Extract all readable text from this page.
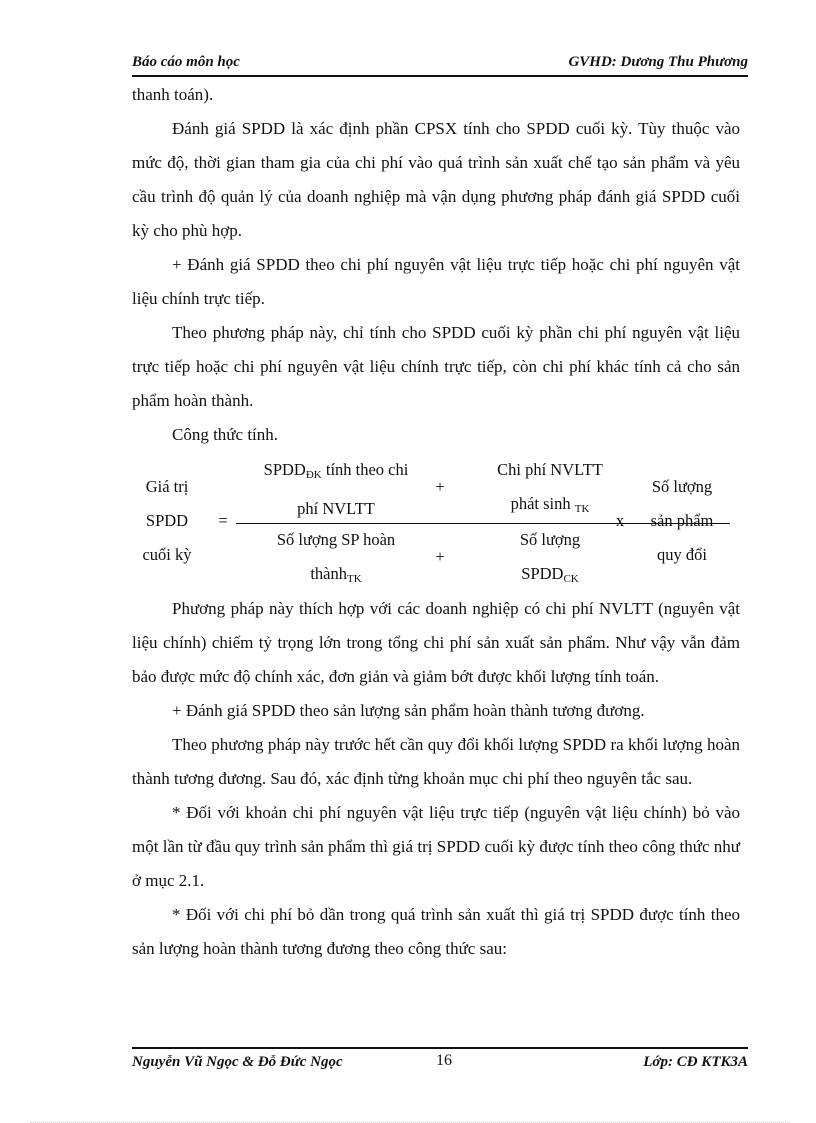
Báo cáo môn học	GVHD: Dương Thu Phương

thanh toán).

Đánh giá SPDD là xác định phần CPSX tính cho SPDD cuối kỳ. Tùy thuộc vào mức độ, thời gian tham gia của chi phí vào quá trình sản xuất chế tạo sản phẩm và yêu cầu trình độ quản lý của doanh nghiệp mà vận dụng phương pháp đánh giá SPDD cuối kỳ cho phù hợp.

+ Đánh giá SPDD theo chi phí nguyên vật liệu trực tiếp hoặc chi phí nguyên vật liệu chính trực tiếp.

Theo phương pháp này, chỉ tính cho SPDD cuối kỳ phần chi phí nguyên vật liệu trực tiếp hoặc chi phí nguyên vật liệu chính trực tiếp, còn chi phí khác tính cả cho sản phẩm hoàn thành.

Công thức tính.

Giá trị
SPDD
cuối kỳ
=
$SPDD_{ĐK}$ tính theo chi
phí NVLTT
+
Chi phí NVLTT
phát sinh $_{TK}$
Số lượng SP hoàn
thành$_{TK}$
+
Số lượng
$SPDD_{CK}$
x
Số lượng
sản phẩm
quy đổi

Phương pháp này thích hợp với các doanh nghiệp có chi phí NVLTT (nguyên vật liệu chính) chiếm tỷ trọng lớn trong tổng chi phí sản xuất sản phẩm. Như vậy vẫn đảm bảo được mức độ chính xác, đơn giản và giảm bớt được khối lượng tính toán.

+ Đánh giá SPDD theo sản lượng sản phẩm hoàn thành tương đương.

Theo phương pháp này trước hết cần quy đổi khối lượng SPDD ra khối lượng hoàn thành tương đương. Sau đó, xác định từng khoản mục chi phí theo nguyên tắc sau.

* Đối với khoản chi phí nguyên vật liệu trực tiếp (nguyên vật liệu chính) bỏ vào một lần từ đầu quy trình sản phẩm thì giá trị SPDD cuối kỳ được tính theo công thức như ở mục 2.1.

* Đối với chi phí bỏ dần trong quá trình sản xuất thì giá trị SPDD được tính theo sản lượng hoàn thành tương đương theo công thức sau:

Nguyễn Vũ Ngọc & Đỗ Đức Ngọc	16	Lớp: CĐ KTK3A
